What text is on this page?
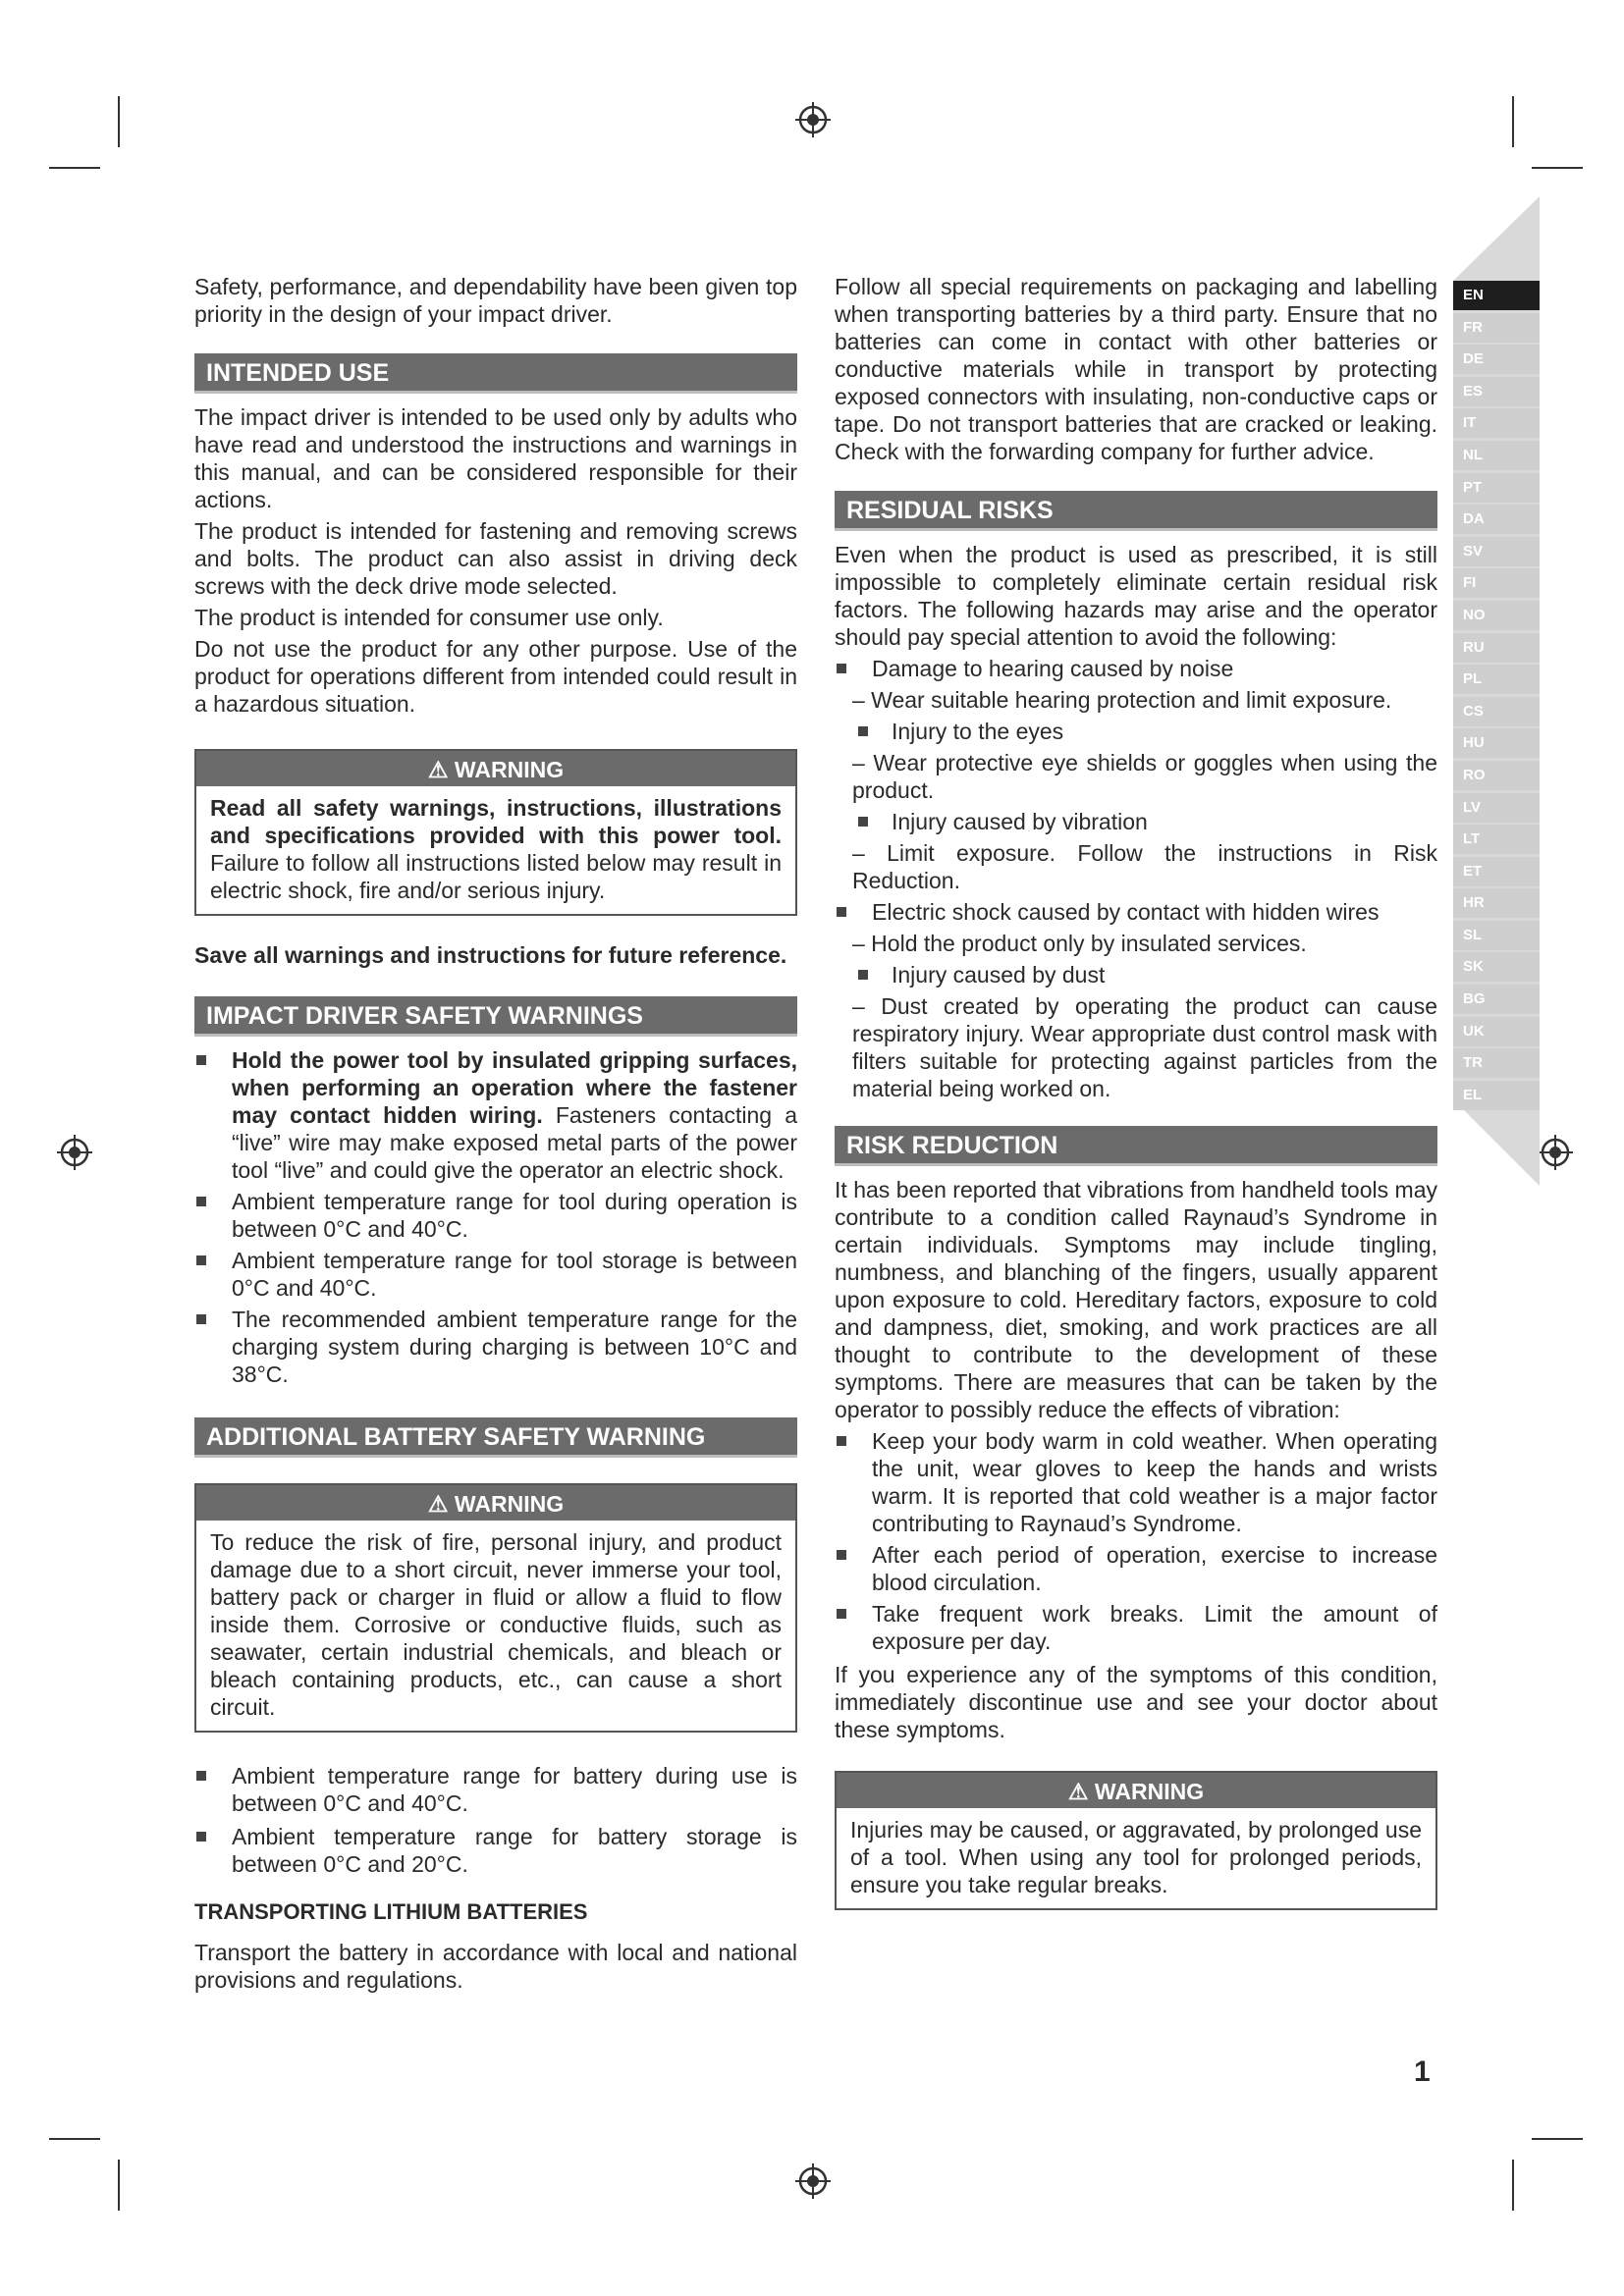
EN
FR
DE
ES
IT
NL
PT
DA
SV
FI
NO
RU
PL
CS
HU
RO
LV
LT
ET
HR
SL
SK
BG
UK
TR
EL

Safety, performance, and dependability have been given top priority in the design of your impact driver.

INTENDED USE

The impact driver is intended to be used only by adults who have read and understood the instructions and warnings in this manual, and can be considered responsible for their actions.

The product is intended for fastening and removing screws and bolts. The product can also assist in driving deck screws with the deck drive mode selected.

The product is intended for consumer use only.

Do not use the product for any other purpose. Use of the product for operations different from intended could result in a hazardous situation.

⚠ WARNING
Read all safety warnings, instructions, illustrations and specifications provided with this power tool. Failure to follow all instructions listed below may result in electric shock, fire and/or serious injury.

Save all warnings and instructions for future reference.

IMPACT DRIVER SAFETY WARNINGS
Hold the power tool by insulated gripping surfaces, when performing an operation where the fastener may contact hidden wiring. Fasteners contacting a “live” wire may make exposed metal parts of the power tool “live” and could give the operator an electric shock.
Ambient temperature range for tool during operation is between 0°C and 40°C.
Ambient temperature range for tool storage is between 0°C and 40°C.
The recommended ambient temperature range for the charging system during charging is between 10°C and 38°C.
ADDITIONAL BATTERY SAFETY WARNING
⚠ WARNING
To reduce the risk of fire, personal injury, and product damage due to a short circuit, never immerse your tool, battery pack or charger in fluid or allow a fluid to flow inside them. Corrosive or conductive fluids, such as seawater, certain industrial chemicals, and bleach or bleach containing products, etc., can cause a short circuit.
Ambient temperature range for battery during use is between 0°C and 40°C.
Ambient temperature range for battery storage is between 0°C and 20°C.

TRANSPORTING LITHIUM BATTERIES

Transport the battery in accordance with local and national provisions and regulations.

Follow all special requirements on packaging and labelling when transporting batteries by a third party. Ensure that no batteries can come in contact with other batteries or conductive materials while in transport by protecting exposed connectors with insulating, non-conductive caps or tape. Do not transport batteries that are cracked or leaking. Check with the forwarding company for further advice.

RESIDUAL RISKS

Even when the product is used as prescribed, it is still impossible to completely eliminate certain residual risk factors. The following hazards may arise and the operator should pay special attention to avoid the following:

Damage to hearing caused by noise
– Wear suitable hearing protection and limit exposure.
Injury to the eyes
– Wear protective eye shields or goggles when using the product.
Injury caused by vibration
– Limit exposure. Follow the instructions in Risk Reduction.
Electric shock caused by contact with hidden wires
– Hold the product only by insulated services.
Injury caused by dust
– Dust created by operating the product can cause respiratory injury. Wear appropriate dust control mask with filters suitable for protecting against particles from the material being worked on.
RISK REDUCTION

It has been reported that vibrations from handheld tools may contribute to a condition called Raynaud’s Syndrome in certain individuals. Symptoms may include tingling, numbness, and blanching of the fingers, usually apparent upon exposure to cold. Hereditary factors, exposure to cold and dampness, diet, smoking, and work practices are all thought to contribute to the development of these symptoms. There are measures that can be taken by the operator to possibly reduce the effects of vibration:

Keep your body warm in cold weather. When operating the unit, wear gloves to keep the hands and wrists warm. It is reported that cold weather is a major factor contributing to Raynaud’s Syndrome.
After each period of operation, exercise to increase blood circulation.
Take frequent work breaks. Limit the amount of exposure per day.

If you experience any of the symptoms of this condition, immediately discontinue use and see your doctor about these symptoms.

⚠ WARNING
Injuries may be caused, or aggravated, by prolonged use of a tool. When using any tool for prolonged periods, ensure you take regular breaks.
1
